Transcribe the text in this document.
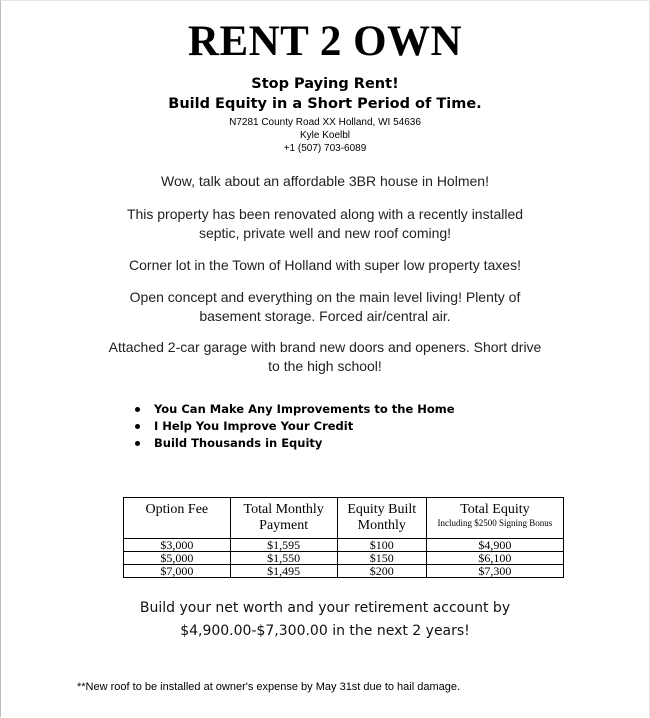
RENT 2 OWN
Stop Paying Rent!
Build Equity in a Short Period of Time.
N7281 County Road XX Holland, WI 54636
Kyle Koelbl
+1 (507) 703-6089
Wow, talk about an affordable 3BR house in Holmen!
This property has been renovated along with a recently installed septic, private well and new roof coming!
Corner lot in the Town of Holland with super low property taxes!
Open concept and everything on the main level living! Plenty of basement storage. Forced air/central air.
Attached 2-car garage with brand new doors and openers. Short drive to the high school!
You Can Make Any Improvements to the Home
I Help You Improve Your Credit
Build Thousands in Equity
Option Fee	Total Monthly Payment	Equity Built Monthly	Total Equity
Including $2500 Signing Bonus

$3,000	$1,595	$100	$4,900
$5,000	$1,550	$150	$6,100
$7,000	$1,495	$200	$7,300
Build your net worth and your retirement account by
$4,900.00-$7,300.00 in the next 2 years!
**New roof to be installed at owner's expense by May 31st due to hail damage.
